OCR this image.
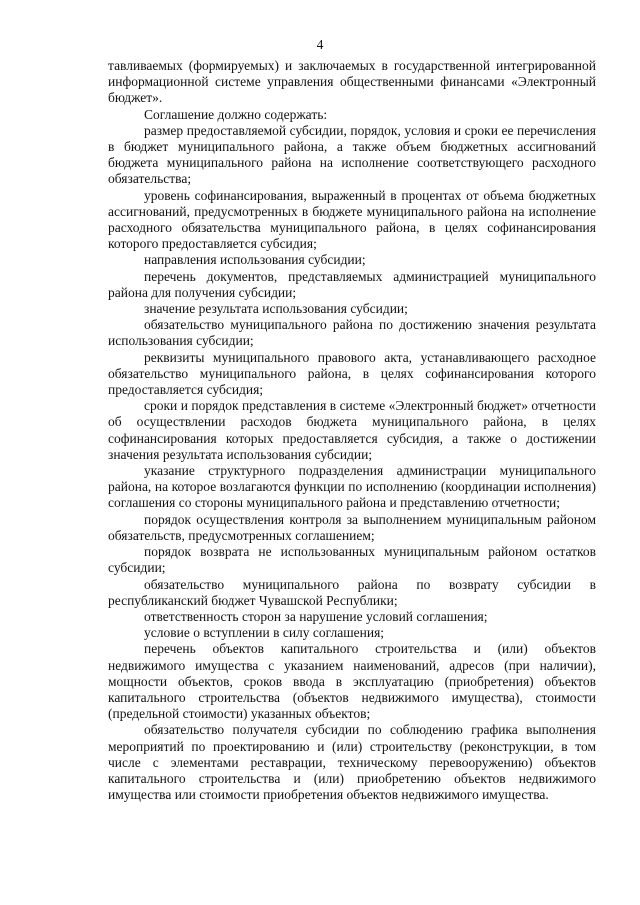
4

тавливаемых (формируемых) и заключаемых в государственной интегрированной информационной системе управления общественными финансами «Электронный бюджет».

Соглашение должно содержать:

размер предоставляемой субсидии, порядок, условия и сроки ее перечисления в бюджет муниципального района, а также объем бюджетных ассигнований бюджета муниципального района на исполнение соответствующего расходного обязательства;

уровень софинансирования, выраженный в процентах от объема бюджетных ассигнований, предусмотренных в бюджете муниципального района на исполнение расходного обязательства муниципального района, в целях софинансирования которого предоставляется субсидия;

направления использования субсидии;

перечень документов, представляемых администрацией муниципального района для получения субсидии;

значение результата использования субсидии;

обязательство муниципального района по достижению значения результата использования субсидии;

реквизиты муниципального правового акта, устанавливающего расходное обязательство муниципального района, в целях софинансирования которого предоставляется субсидия;

сроки и порядок представления в системе «Электронный бюджет» отчетности об осуществлении расходов бюджета муниципального района, в целях софинансирования которых предоставляется субсидия, а также о достижении значения результата использования субсидии;

указание структурного подразделения администрации муниципального района, на которое возлагаются функции по исполнению (координации исполнения) соглашения со стороны муниципального района и представлению отчетности;

порядок осуществления контроля за выполнением муниципальным районом обязательств, предусмотренных соглашением;

порядок возврата не использованных муниципальным районом остатков субсидии;

обязательство муниципального района по возврату субсидии в республиканский бюджет Чувашской Республики;

ответственность сторон за нарушение условий соглашения;

условие о вступлении в силу соглашения;

перечень объектов капитального строительства и (или) объектов недвижимого имущества с указанием наименований, адресов (при наличии), мощности объектов, сроков ввода в эксплуатацию (приобретения) объектов капитального строительства (объектов недвижимого имущества), стоимости (предельной стоимости) указанных объектов;

обязательство получателя субсидии по соблюдению графика выполнения мероприятий по проектированию и (или) строительству (реконструкции, в том числе с элементами реставрации, техническому перевооружению) объектов капитального строительства и (или) приобретению объектов недвижимого имущества или стоимости приобретения объектов недвижимого имущества.
